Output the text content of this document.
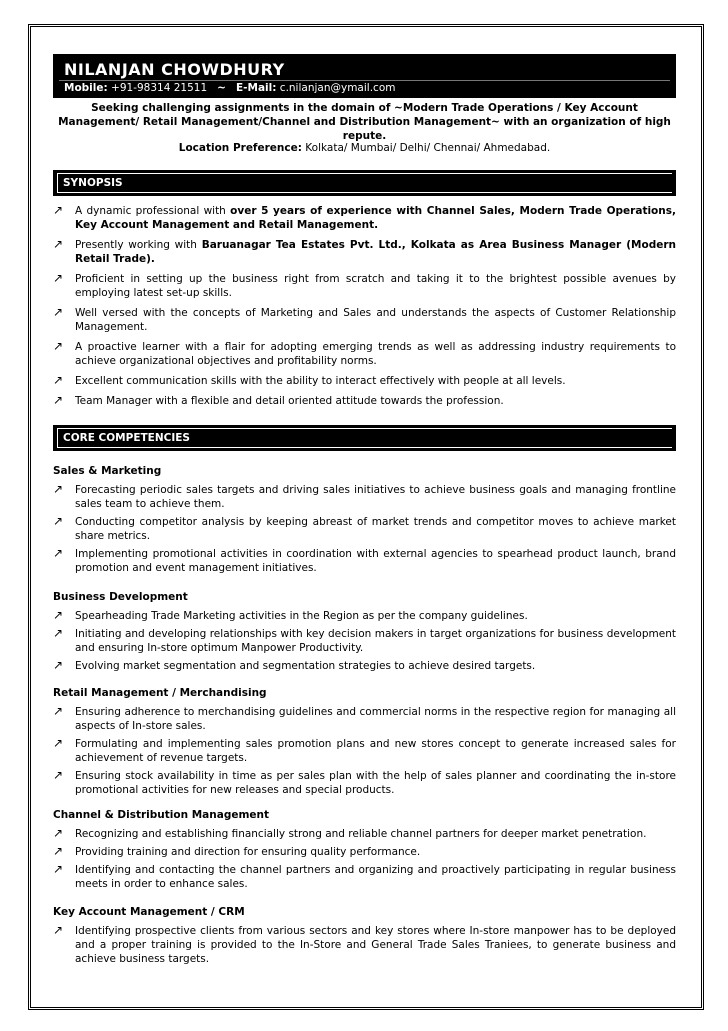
NILANJAN CHOWDHURY
Mobile: +91-98314 21511 ~ E-Mail: c.nilanjan@ymail.com
Seeking challenging assignments in the domain of ~Modern Trade Operations / Key Account Management/ Retail Management/Channel and Distribution Management~ with an organization of high repute.
Location Preference: Kolkata/ Mumbai/ Delhi/ Chennai/ Ahmedabad.
SYNOPSIS
↗ A dynamic professional with over 5 years of experience with Channel Sales, Modern Trade Operations, Key Account Management and Retail Management.
↗ Presently working with Baruanagar Tea Estates Pvt. Ltd., Kolkata as Area Business Manager (Modern Retail Trade).
↗ Proficient in setting up the business right from scratch and taking it to the brightest possible avenues by employing latest set-up skills.
↗ Well versed with the concepts of Marketing and Sales and understands the aspects of Customer Relationship Management.
↗ A proactive learner with a flair for adopting emerging trends as well as addressing industry requirements to achieve organizational objectives and profitability norms.
↗ Excellent communication skills with the ability to interact effectively with people at all levels.
↗ Team Manager with a flexible and detail oriented attitude towards the profession.
CORE COMPETENCIES
Sales & Marketing
↗ Forecasting periodic sales targets and driving sales initiatives to achieve business goals and managing frontline sales team to achieve them.
↗ Conducting competitor analysis by keeping abreast of market trends and competitor moves to achieve market share metrics.
↗ Implementing promotional activities in coordination with external agencies to spearhead product launch, brand promotion and event management initiatives.
Business Development
↗ Spearheading Trade Marketing activities in the Region as per the company guidelines.
↗ Initiating and developing relationships with key decision makers in target organizations for business development and ensuring In-store optimum Manpower Productivity.
↗ Evolving market segmentation and segmentation strategies to achieve desired targets.
Retail Management / Merchandising
↗ Ensuring adherence to merchandising guidelines and commercial norms in the respective region for managing all aspects of In-store sales.
↗ Formulating and implementing sales promotion plans and new stores concept to generate increased sales for achievement of revenue targets.
↗ Ensuring stock availability in time as per sales plan with the help of sales planner and coordinating the in-store promotional activities for new releases and special products.
Channel & Distribution Management
↗ Recognizing and establishing financially strong and reliable channel partners for deeper market penetration.
↗ Providing training and direction for ensuring quality performance.
↗ Identifying and contacting the channel partners and organizing and proactively participating in regular business meets in order to enhance sales.
Key Account Management / CRM
↗ Identifying prospective clients from various sectors and key stores where In-store manpower has to be deployed and a proper training is provided to the In-Store and General Trade Sales Traniees, to generate business and achieve business targets.
